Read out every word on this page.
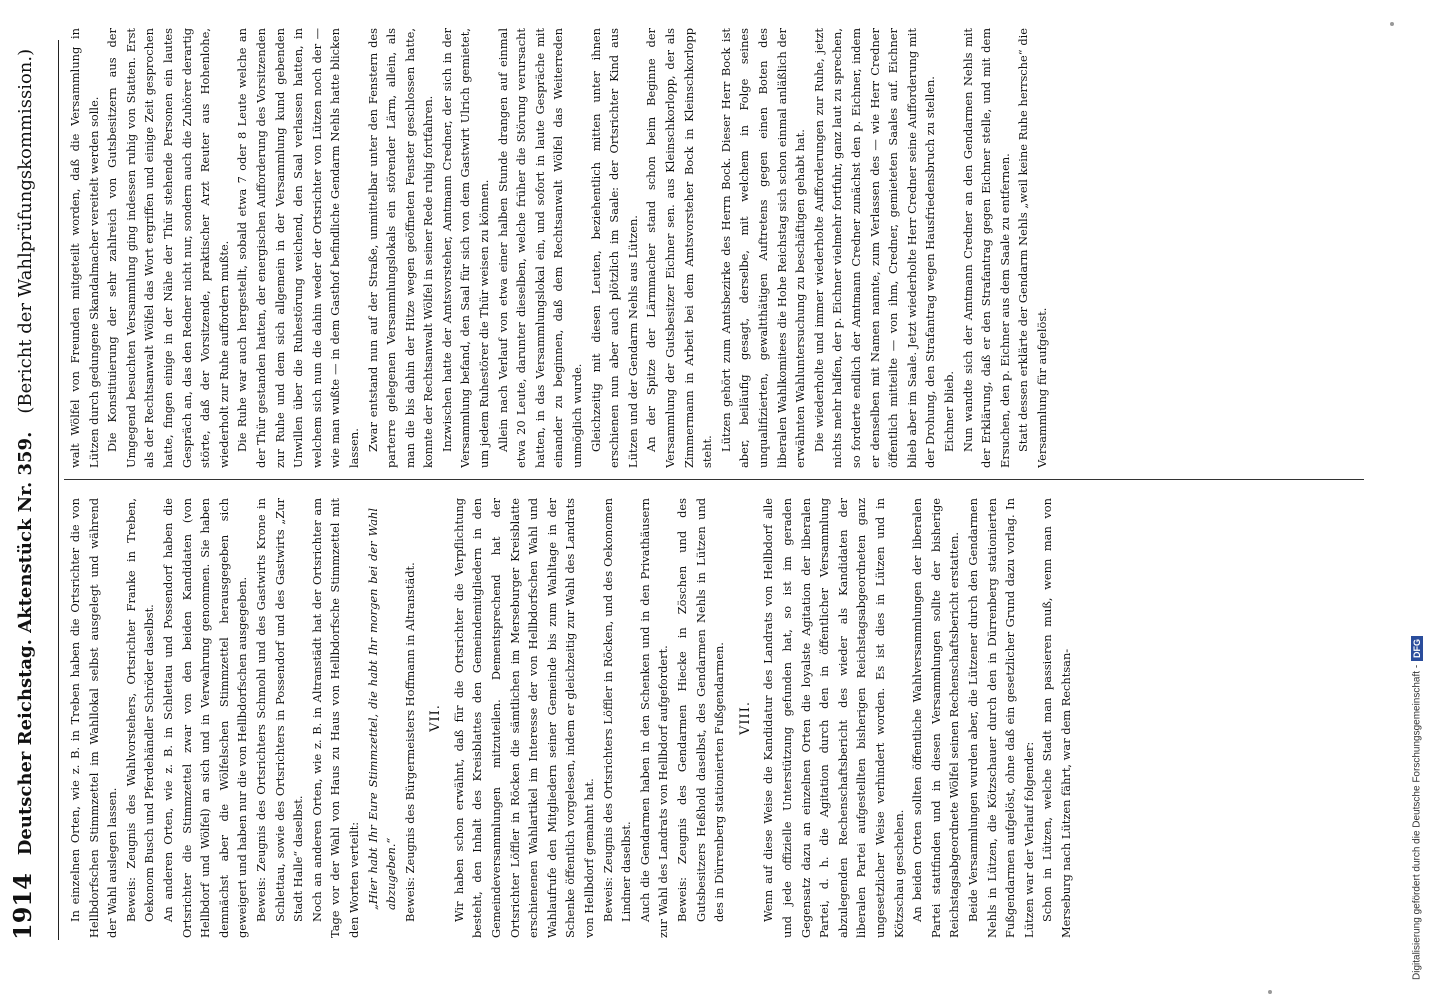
1914
Deutscher Reichstag. Aktenstück Nr. 359.
(Bericht der Wahlprüfungskommission.)

In einzelnen Orten, wie z. B. in Treben haben die Ortsrichter die von Hellbdorfschen Stimmzettel im Wahllokal selbst ausgelegt und während der Wahl auslegen lassen. Beweis: Zeugnis des Wahlvorstehers, Ortsrichter Franke in Treben, Oekonom Busch und Pferdehändler Schröder daselbst. An anderen Orten, wie z. B. in Schlettau und Possendorf haben die Ortsrichter die Stimmzettel zwar von den beiden Kandidaten (von Hellbdorf und Wölfel) an sich und in Verwahrung genommen. Sie haben demnächst aber die Wölfelschen Stimmzettel herausgegeben sich geweigert und haben nur die von Hellbdorfschen ausgegeben. Beweis: Zeugnis des Ortsrichters Schmohl und des Gastwirts Krone in Schlettau, sowie des Ortsrichters in Possendorf und des Gastwirts „Zur Stadt Halle“ daselbst. Noch an anderen Orten, wie z. B. in Altranstädt hat der Ortsrichter am Tage vor der Wahl von Haus zu Haus von Hellbdorfsche Stimmzettel mit den Worten verteilt: „Hier habt Ihr Eure Stimmzettel, die habt Ihr morgen bei der Wahl abzugeben.“ Beweis: Zeugnis des Bürgermeisters Hoffmann in Altranstädt. VII. Wir haben schon erwähnt, daß für die Ortsrichter die Verpflichtung besteht, den Inhalt des Kreisblattes den Gemeindemitgliedern in den Gemeindeversammlungen mitzuteilen. Dementsprechend hat der Ortsrichter Löffler in Röcken die sämtlichen im Merseburger Kreisblatte erschienenen Wahlartikel im Interesse der von Hellbdorfschen Wahl und Wahlaufrufe den Mitgliedern seiner Gemeinde bis zum Wahltage in der Schenke öffentlich vorgelesen, indem er gleichzeitig zur Wahl des Landrats von Hellbdorf gemahnt hat. Beweis: Zeugnis des Ortsrichters Löffler in Röcken, und des Oekonomen Lindner daselbst. Auch die Gendarmen haben in den Schenken und in den Privathäusern zur Wahl des Landrats von Hellbdorf aufgefordert. Beweis: Zeugnis des Gendarmen Hiecke in Zöschen und des Gutsbesitzers Heßhold daselbst, des Gendarmen Nehls in Lützen und des in Dürrenberg stationierten Fußgendarmen. VIII. Wenn auf diese Weise die Kandidatur des Landrats von Hellbdorf alle und jede offizielle Unterstützung gefunden hat, so ist im geraden Gegensatz dazu an einzelnen Orten die loyalste Agitation der liberalen Partei, d. h. die Agitation durch den in öffentlicher Versammlung abzulegenden Rechenschaftsbericht des wieder als Kandidaten der liberalen Partei aufgestellten bisherigen Reichstagsabgeordneten ganz ungesetzlicher Weise verhindert worden. Es ist dies in Lützen und in Kötzschau geschehen. An beiden Orten sollten öffentliche Wahlversammlungen der liberalen Partei stattfinden und in diesen Versammlungen sollte der bisherige Reichstagsabgeordnete Wölfel seinen Rechenschaftsbericht erstatten. Beide Versammlungen wurden aber, die Lützener durch den Gendarmen Nehls in Lützen, die Kötzschauer durch den in Dürrenberg stationierten Fußgendarmen aufgelöst, ohne daß ein gesetzlicher Grund dazu vorlag. In Lützen war der Verlauf folgender: Schon in Lützen, welche Stadt man passieren muß, wenn man von Merseburg nach Lützen fährt, war dem Rechtsan-

walt Wölfel von Freunden mitgeteilt worden, daß die Versammlung in Lützen durch gedungene Skandalmacher vereitelt werden solle. Die Konstituierung der sehr zahlreich von Gutsbesitzern aus der Umgegend besuchten Versammlung ging indessen ruhig von Statten. Erst als der Rechtsanwalt Wölfel das Wort ergriffen und einige Zeit gesprochen hatte, fingen einige in der Nähe der Thür stehende Personen ein lautes Gespräch an, das den Redner nicht nur, sondern auch die Zuhörer derartig störte, daß der Vorsitzende, praktischer Arzt Reuter aus Hohenlohe, wiederholt zur Ruhe auffordern mußte. Die Ruhe war auch hergestellt, sobald etwa 7 oder 8 Leute welche an der Thür gestanden hatten, der energischen Aufforderung des Vorsitzenden zur Ruhe und dem sich allgemein in der Versammlung kund gebenden Unwillen über die Ruhestörung weichend, den Saal verlassen hatten, in welchem sich nun die dahin weder der Ortsrichter von Lützen noch der — wie man wußte — in dem Gasthof befindliche Gendarm Nehls hatte blicken lassen. Zwar entstand nun auf der Straße, unmittelbar unter den Fenstern des parterre gelegenen Versammlungslokals ein störender Lärm, allein, als man die bis dahin der Hitze wegen geöffneten Fenster geschlossen hatte, konnte der Rechtsanwalt Wölfel in seiner Rede ruhig fortfahren. Inzwischen hatte der Amtsvorsteher, Amtmann Credner, der sich in der Versammlung befand, den Saal für sich von dem Gastwirt Ulrich gemietet, um jedem Ruhestörer die Thür weisen zu können. Allein nach Verlauf von etwa einer halben Stunde drangen auf einmal etwa 20 Leute, darunter dieselben, welche früher die Störung verursacht hatten, in das Versammlungslokal ein, und sofort in laute Gespräche mit einander zu beginnen, daß dem Rechtsanwalt Wölfel das Weiterreden unmöglich wurde. Gleichzeitig mit diesen Leuten, beziehentlich mitten unter ihnen erschienen nun aber auch plötzlich im Saale: der Ortsrichter Kind aus Lützen und der Gendarm Nehls aus Lützen. An der Spitze der Lärmmacher stand schon beim Beginne der Versammlung der Gutsbesitzer Eichner sen. aus Kleinschkorlopp, der als Zimmermann in Arbeit bei dem Amtsvorsteher Bock in Kleinschkorlopp steht. Lützen gehört zum Amtsbezirke des Herrn Bock. Dieser Herr Bock ist aber, beiläufig gesagt, derselbe, mit welchem in Folge seines unqualifizierten, gewaltthätigen Auftretens gegen einen Boten des liberalen Wahlkomitees die Hohe Reichstag sich schon einmal anläßlich der erwähnten Wahluntersuchung zu beschäftigen gehabt hat. Die wiederholte und immer wiederholte Aufforderungen zur Ruhe, jetzt nichts mehr halfen, der p. Eichner vielmehr fortfuhr, ganz laut zu sprechen, so forderte endlich der Amtmann Credner zunächst den p. Eichner, indem er denselben mit Namen nannte, zum Verlassen des — wie Herr Credner öffentlich mitteilte — von ihm, Credner, gemieteten Saales auf. Eichner blieb aber im Saale. Jetzt wiederholte Herr Credner seine Aufforderung mit der Drohung, den Strafantrag wegen Hausfriedensbruch zu stellen. Eichner blieb. Nun wandte sich der Amtmann Credner an den Gendarmen Nehls mit der Erklärung, daß er den Strafantrag gegen Eichner stelle, und mit dem Ersuchen, den p. Eichner aus dem Saale zu entfernen. Statt dessen erklärte der Gendarm Nehls „weil keine Ruhe herrsche“ die Versammlung für aufgelöst.

Digitalisierung gefördert durch die Deutsche Forschungsgemeinschaft -
DFG
